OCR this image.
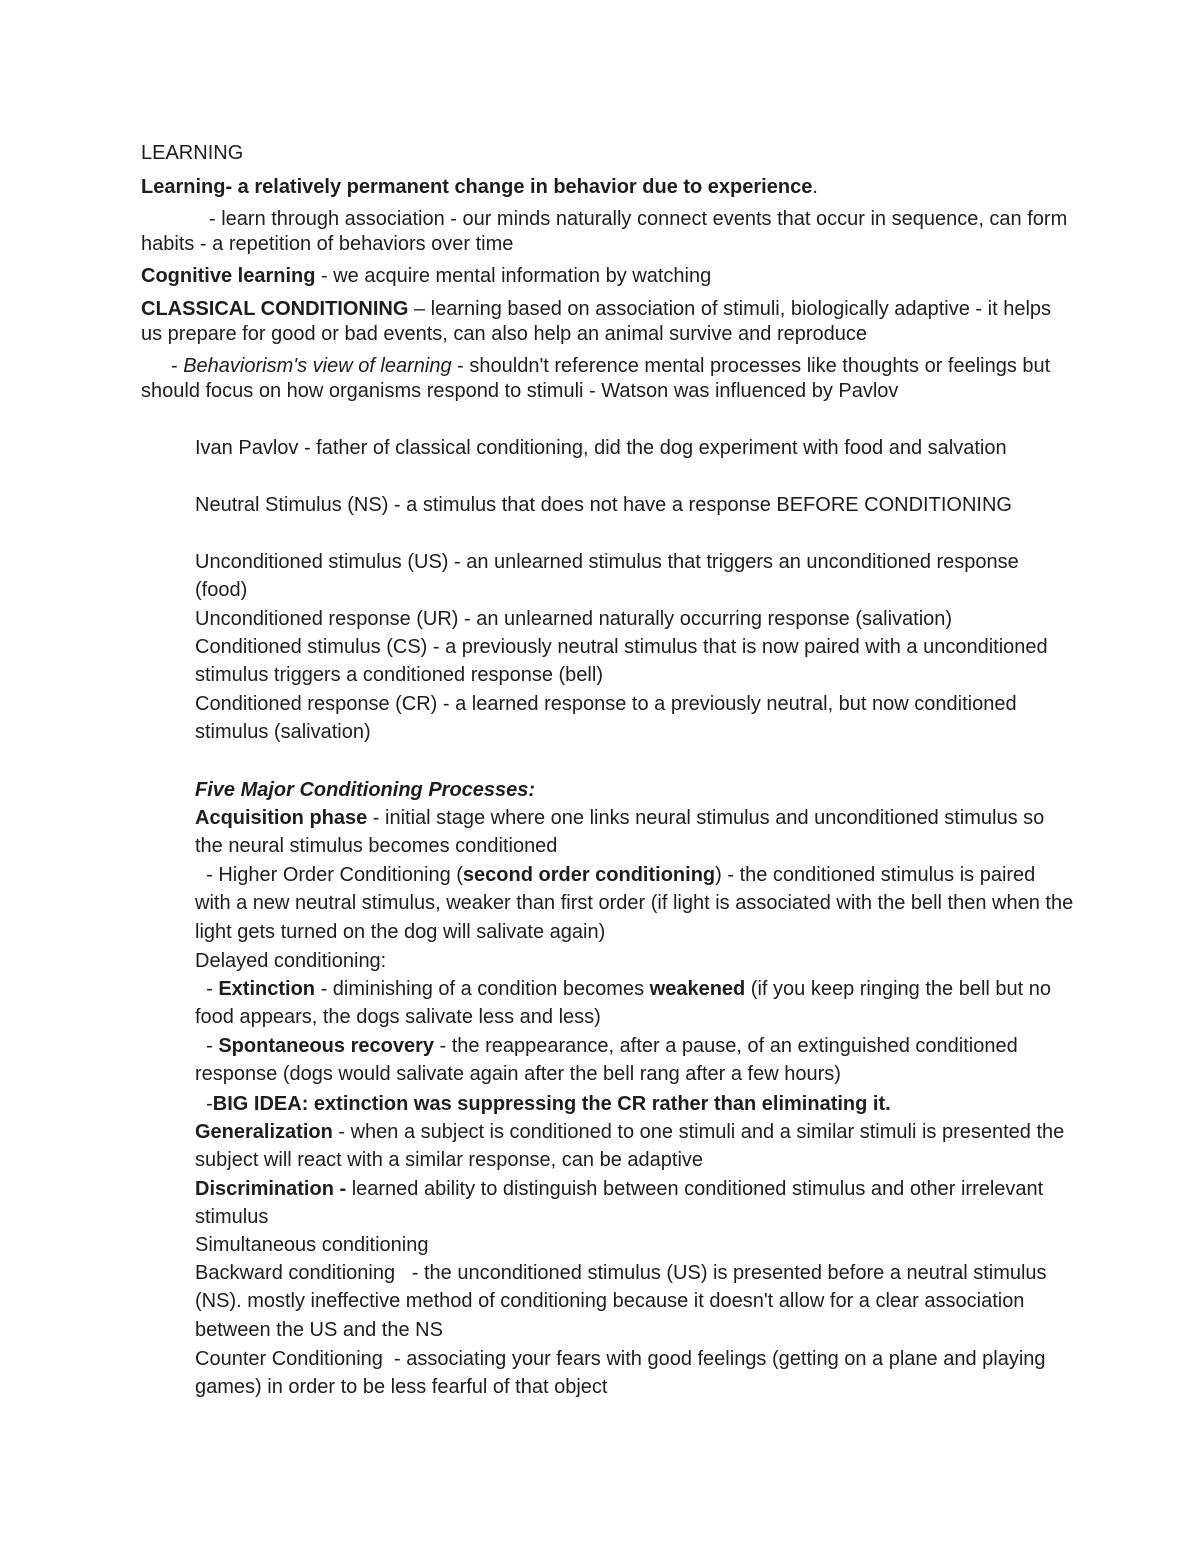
LEARNING

Learning- a relatively permanent change in behavior due to experience.

- learn through association - our minds naturally connect events that occur in sequence, can form habits - a repetition of behaviors over time

Cognitive learning - we acquire mental information by watching

CLASSICAL CONDITIONING – learning based on association of stimuli, biologically adaptive - it helps us prepare for good or bad events, can also help an animal survive and reproduce

- Behaviorism's view of learning - shouldn't reference mental processes like thoughts or feelings but should focus on how organisms respond to stimuli - Watson was influenced by Pavlov

Ivan Pavlov - father of classical conditioning, did the dog experiment with food and salvation

Neutral Stimulus (NS) - a stimulus that does not have a response BEFORE CONDITIONING

Unconditioned stimulus (US) - an unlearned stimulus that triggers an unconditioned response (food)

Unconditioned response (UR) - an unlearned naturally occurring response (salivation)

Conditioned stimulus (CS) - a previously neutral stimulus that is now paired with a unconditioned stimulus triggers a conditioned response (bell)

Conditioned response (CR) - a learned response to a previously neutral, but now conditioned stimulus (salivation)

Five Major Conditioning Processes:

Acquisition phase - initial stage where one links neural stimulus and unconditioned stimulus so the neural stimulus becomes conditioned

- Higher Order Conditioning (second order conditioning) - the conditioned stimulus is paired with a new neutral stimulus, weaker than first order (if light is associated with the bell then when the light gets turned on the dog will salivate again)

Delayed conditioning:

- Extinction - diminishing of a condition becomes weakened (if you keep ringing the bell but no food appears, the dogs salivate less and less)

- Spontaneous recovery - the reappearance, after a pause, of an extinguished conditioned response (dogs would salivate again after the bell rang after a few hours)

-BIG IDEA: extinction was suppressing the CR rather than eliminating it.

Generalization - when a subject is conditioned to one stimuli and a similar stimuli is presented the subject will react with a similar response, can be adaptive

Discrimination - learned ability to distinguish between conditioned stimulus and other irrelevant stimulus

Simultaneous conditioning

Backward conditioning   - the unconditioned stimulus (US) is presented before a neutral stimulus (NS). mostly ineffective method of conditioning because it doesn't allow for a clear association between the US and the NS

Counter Conditioning  - associating your fears with good feelings (getting on a plane and playing games) in order to be less fearful of that object
